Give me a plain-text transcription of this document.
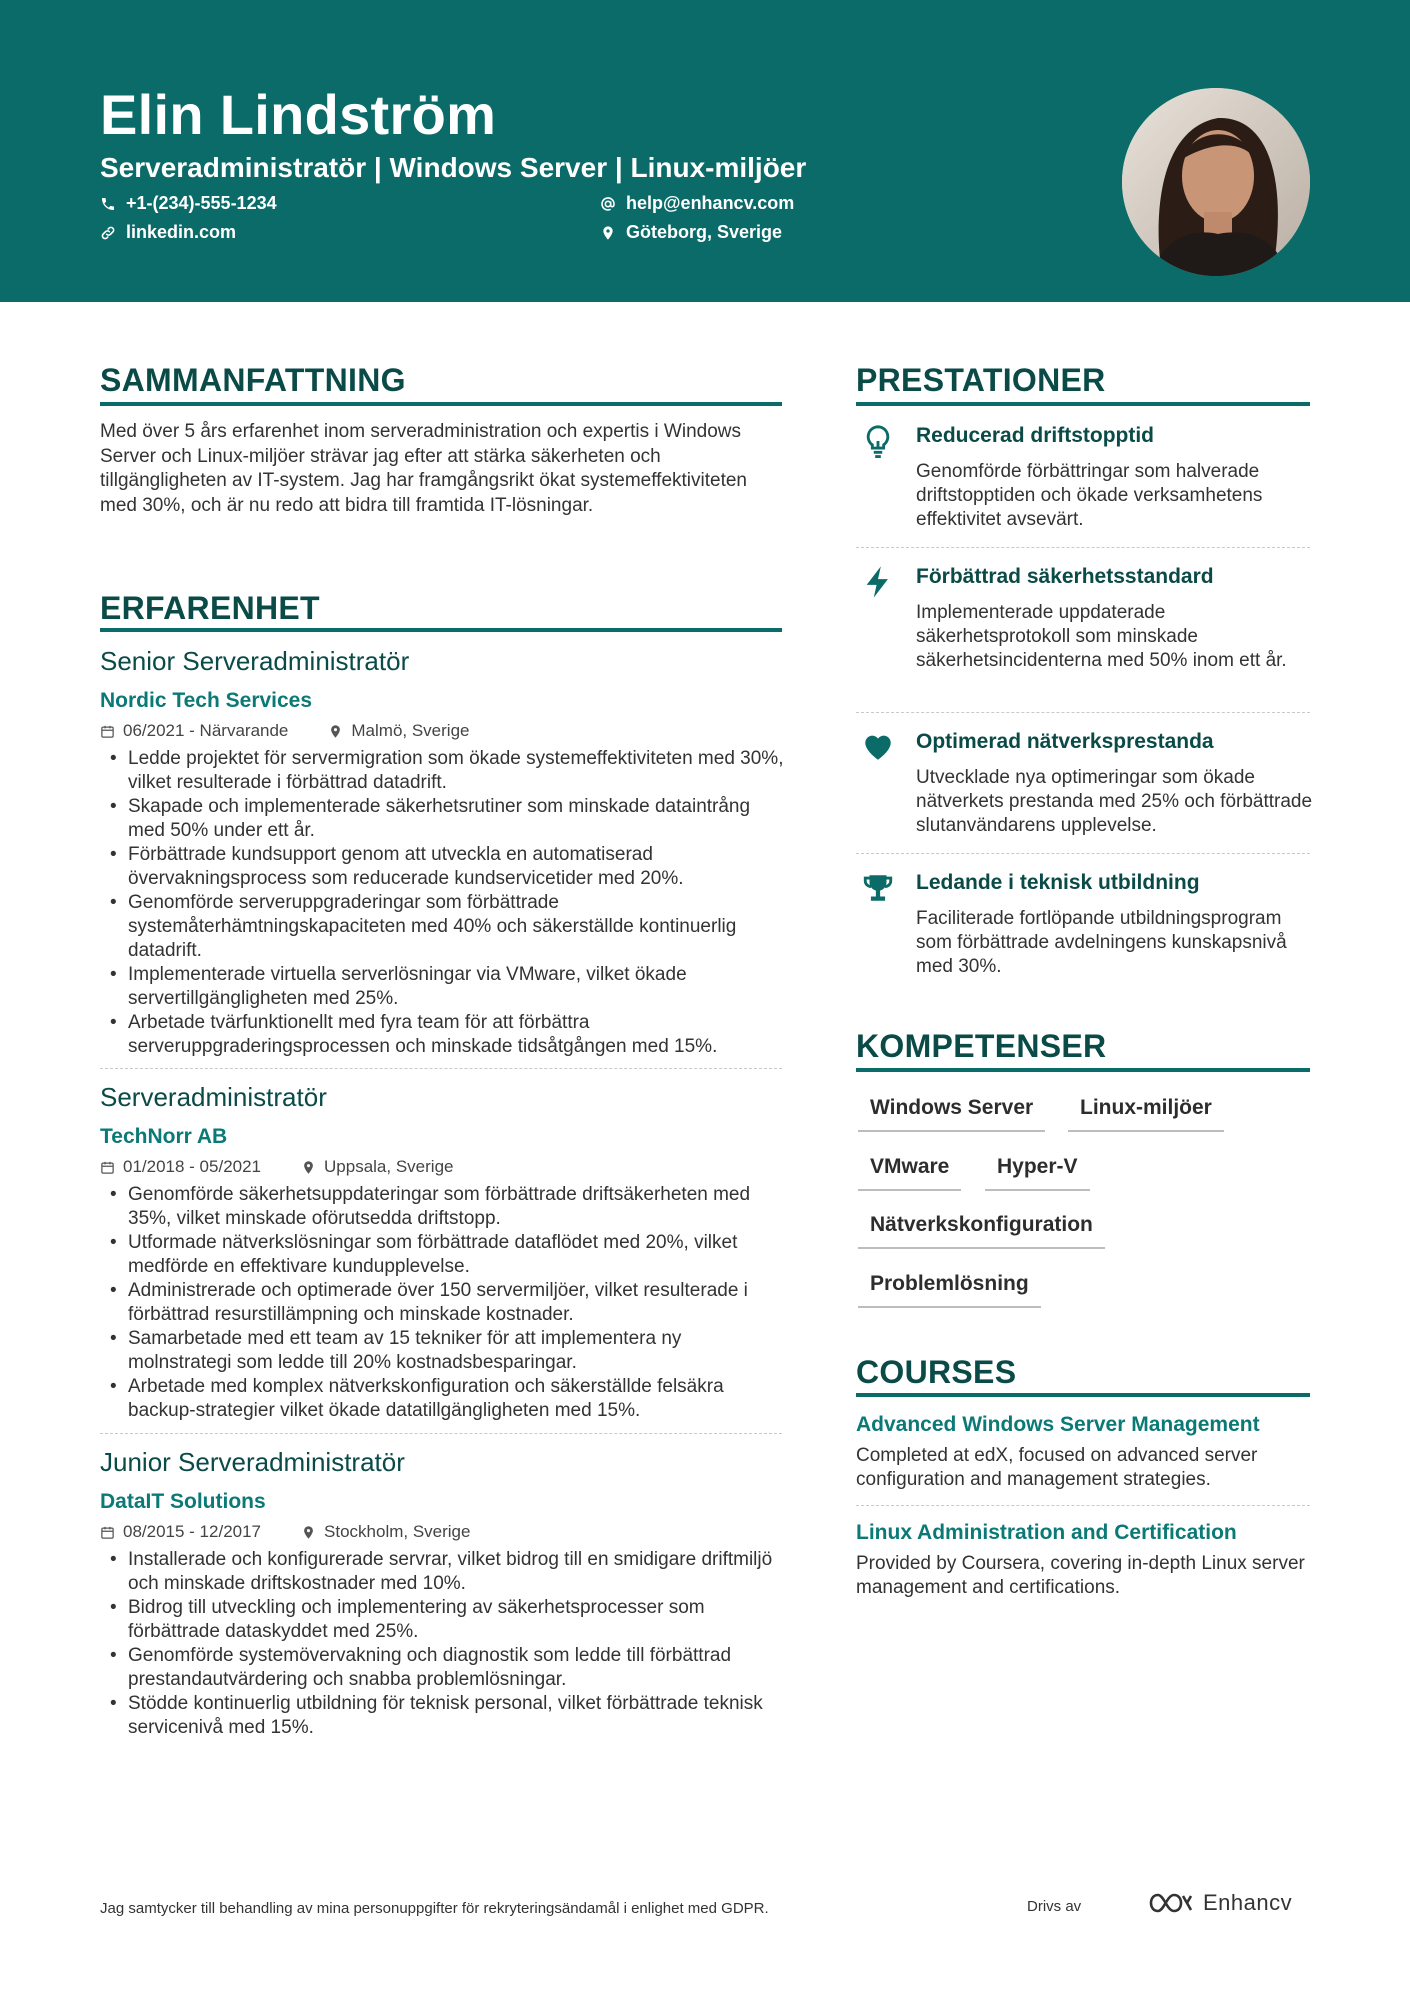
Elin Lindström
Serveradministratör | Windows Server | Linux-miljöer
+1-(234)-555-1234	help@enhancv.com
linkedin.com	Göteborg, Sverige
SAMMANFATTNING
Med över 5 års erfarenhet inom serveradministration och expertis i Windows Server och Linux-miljöer strävar jag efter att stärka säkerheten och tillgängligheten av IT-system. Jag har framgångsrikt ökat systemeffektiviteten med 30%, och är nu redo att bidra till framtida IT-lösningar.
ERFARENHET
Senior Serveradministratör
Nordic Tech Services
06/2021 - Närvarande	Malmö, Sverige
• Ledde projektet för servermigration som ökade systemeffektiviteten med 30%, vilket resulterade i förbättrad datadrift.
• Skapade och implementerade säkerhetsrutiner som minskade dataintrång med 50% under ett år.
• Förbättrade kundsupport genom att utveckla en automatiserad övervakningsprocess som reducerade kundservicetider med 20%.
• Genomförde serveruppgraderingar som förbättrade systemåterhämtningskapaciteten med 40% och säkerställde kontinuerlig datadrift.
• Implementerade virtuella serverlösningar via VMware, vilket ökade servertillgängligheten med 25%.
• Arbetade tvärfunktionellt med fyra team för att förbättra serveruppgraderingsprocessen och minskade tidsåtgången med 15%.
Serveradministratör
TechNorr AB
01/2018 - 05/2021	Uppsala, Sverige
• Genomförde säkerhetsuppdateringar som förbättrade driftsäkerheten med 35%, vilket minskade oförutsedda driftstopp.
• Utformade nätverkslösningar som förbättrade dataflödet med 20%, vilket medförde en effektivare kundupplevelse.
• Administrerade och optimerade över 150 servermiljöer, vilket resulterade i förbättrad resurstillämpning och minskade kostnader.
• Samarbetade med ett team av 15 tekniker för att implementera ny molnstrategi som ledde till 20% kostnadsbesparingar.
• Arbetade med komplex nätverkskonfiguration och säkerställde felsäkra backup-strategier vilket ökade datatillgängligheten med 15%.
Junior Serveradministratör
DataIT Solutions
08/2015 - 12/2017	Stockholm, Sverige
• Installerade och konfigurerade servrar, vilket bidrog till en smidigare driftmiljö och minskade driftskostnader med 10%.
• Bidrog till utveckling och implementering av säkerhetsprocesser som förbättrade dataskyddet med 25%.
• Genomförde systemövervakning och diagnostik som ledde till förbättrad prestandautvärdering och snabba problemlösningar.
• Stödde kontinuerlig utbildning för teknisk personal, vilket förbättrade teknisk servicenivå med 15%.
PRESTATIONER
Reducerad driftstopptid
Genomförde förbättringar som halverade driftstopptiden och ökade verksamhetens effektivitet avsevärt.
Förbättrad säkerhetsstandard
Implementerade uppdaterade säkerhetsprotokoll som minskade säkerhetsincidenterna med 50% inom ett år.
Optimerad nätverksprestanda
Utvecklade nya optimeringar som ökade nätverkets prestanda med 25% och förbättrade slutanvändarens upplevelse.
Ledande i teknisk utbildning
Faciliterade fortlöpande utbildningsprogram som förbättrade avdelningens kunskapsnivå med 30%.
KOMPETENSER
Windows Server	Linux-miljöer
VMware	Hyper-V
Nätverkskonfiguration
Problemlösning
COURSES
Advanced Windows Server Management
Completed at edX, focused on advanced server configuration and management strategies.
Linux Administration and Certification
Provided by Coursera, covering in-depth Linux server management and certifications.
Jag samtycker till behandling av mina personuppgifter för rekryteringsändamål i enlighet med GDPR.	Drivs av	Enhancv
